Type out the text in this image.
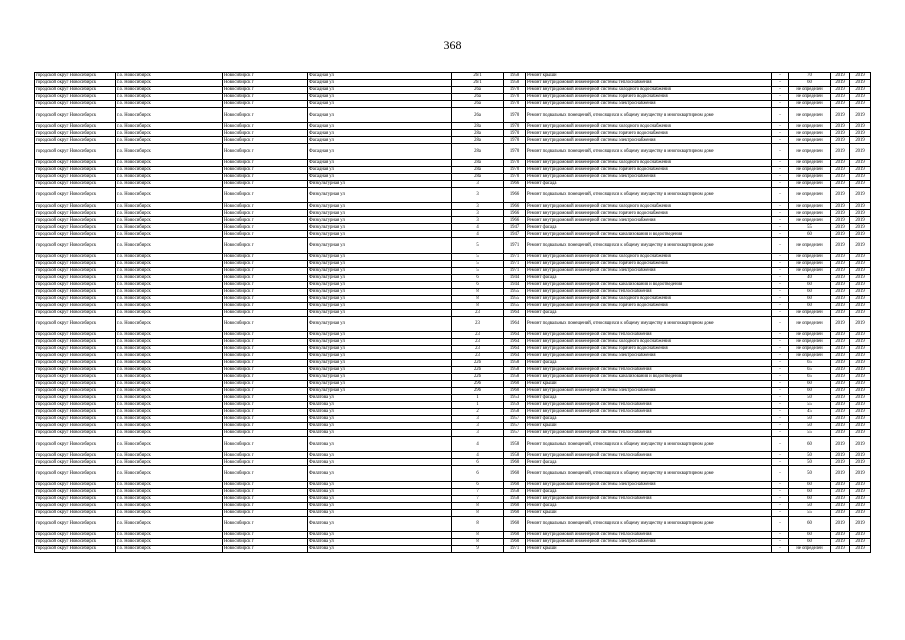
368
городской округ Новосибирск	г.о. Новосибирск	Новосибирск г	Фасадная ул	26/1	1958	Ремонт крыши	-	70	2019	2019
городской округ Новосибирск	г.о. Новосибирск	Новосибирск г	Фасадная ул	26/1	1958	Ремонт внутридомовой инженерной системы теплоснабжения	-	60	2019	2019
городской округ Новосибирск	г.о. Новосибирск	Новосибирск г	Фасадная ул	26а	1970	Ремонт внутридомовой инженерной системы холодного водоснабжения	-	не определен	2019	2019
городской округ Новосибирск	г.о. Новосибирск	Новосибирск г	Фасадная ул	26а	1970	Ремонт внутридомовой инженерной системы горячего водоснабжения	-	не определен	2019	2019
городской округ Новосибирск	г.о. Новосибирск	Новосибирск г	Фасадная ул	26а	1970	Ремонт внутридомовой инженерной системы электроснабжения	-	не определен	2019	2019
городской округ Новосибирск	г.о. Новосибирск	Новосибирск г	Фасадная ул	26а	1970	Ремонт подвальных помещений, относящихся к общему имуществу в многоквартирном доме	-	не определен	2019	2019
городской округ Новосибирск	г.о. Новосибирск	Новосибирск г	Фасадная ул	28а	1970	Ремонт внутридомовой инженерной системы холодного водоснабжения	-	не определен	2019	2019
городской округ Новосибирск	г.о. Новосибирск	Новосибирск г	Фасадная ул	28а	1970	Ремонт внутридомовой инженерной системы горячего водоснабжения	-	не определен	2019	2019
городской округ Новосибирск	г.о. Новосибирск	Новосибирск г	Фасадная ул	28а	1970	Ремонт внутридомовой инженерной системы электроснабжения	-	не определен	2019	2019
городской округ Новосибирск	г.о. Новосибирск	Новосибирск г	Фасадная ул	28а	1970	Ремонт подвальных помещений, относящихся к общему имуществу в многоквартирном доме	-	не определен	2019	2019
городской округ Новосибирск	г.о. Новосибирск	Новосибирск г	Фасадная ул	28а	1970	Ремонт внутридомовой инженерной системы холодного водоснабжения	-	не определен	2019	2019
городской округ Новосибирск	г.о. Новосибирск	Новосибирск г	Фасадная ул	28а	1970	Ремонт внутридомовой инженерной системы горячего водоснабжения	-	не определен	2019	2019
городской округ Новосибирск	г.о. Новосибирск	Новосибирск г	Фасадная ул	28а	1970	Ремонт внутридомовой инженерной системы электроснабжения	-	не определен	2019	2019
городской округ Новосибирск	г.о. Новосибирск	Новосибирск г	Физкультурная ул	3	1966	Ремонт фасада	-	не определен	2019	2019
городской округ Новосибирск	г.о. Новосибирск	Новосибирск г	Физкультурная ул	3	1966	Ремонт подвальных помещений, относящихся к общему имуществу в многоквартирном доме	-	не определен	2019	2019
городской округ Новосибирск	г.о. Новосибирск	Новосибирск г	Физкультурная ул	3	1966	Ремонт внутридомовой инженерной системы холодного водоснабжения	-	не определен	2019	2019
городской округ Новосибирск	г.о. Новосибирск	Новосибирск г	Физкультурная ул	3	1966	Ремонт внутридомовой инженерной системы горячего водоснабжения	-	не определен	2019	2019
городской округ Новосибирск	г.о. Новосибирск	Новосибирск г	Физкультурная ул	3	1966	Ремонт внутридомовой инженерной системы электроснабжения	-	не определен	2019	2019
городской округ Новосибирск	г.о. Новосибирск	Новосибирск г	Физкультурная ул	4	1947	Ремонт фасада	-	55	2019	2019
городской округ Новосибирск	г.о. Новосибирск	Новосибирск г	Физкультурная ул	4	1947	Ремонт внутридомовой инженерной системы канализования и водоотведения	-	60	2019	2019
городской округ Новосибирск	г.о. Новосибирск	Новосибирск г	Физкультурная ул	5	1971	Ремонт подвальных помещений, относящихся к общему имуществу в многоквартирном доме	-	не определен	2019	2019
городской округ Новосибирск	г.о. Новосибирск	Новосибирск г	Физкультурная ул	5	1971	Ремонт внутридомовой инженерной системы холодного водоснабжения	-	не определен	2019	2019
городской округ Новосибирск	г.о. Новосибирск	Новосибирск г	Физкультурная ул	5	1971	Ремонт внутридомовой инженерной системы горячего водоснабжения	-	не определен	2019	2019
городской округ Новосибирск	г.о. Новосибирск	Новосибирск г	Физкультурная ул	5	1971	Ремонт внутридомовой инженерной системы электроснабжения	-	не определен	2019	2019
городской округ Новосибирск	г.о. Новосибирск	Новосибирск г	Физкультурная ул	6	1944	Ремонт фасада	-	40	2019	2019
городской округ Новосибирск	г.о. Новосибирск	Новосибирск г	Физкультурная ул	6	1944	Ремонт внутридомовой инженерной системы канализования и водоотведения	-	60	2019	2019
городской округ Новосибирск	г.о. Новосибирск	Новосибирск г	Физкультурная ул	8	1955	Ремонт внутридомовой инженерной системы теплоснабжения	-	60	2019	2019
городской округ Новосибирск	г.о. Новосибирск	Новосибирск г	Физкультурная ул	8	1955	Ремонт внутридомовой инженерной системы холодного водоснабжения	-	60	2019	2019
городской округ Новосибирск	г.о. Новосибирск	Новосибирск г	Физкультурная ул	8	1955	Ремонт внутридомовой инженерной системы горячего водоснабжения	-	60	2019	2019
городской округ Новосибирск	г.о. Новосибирск	Новосибирск г	Физкультурная ул	23	1964	Ремонт фасада	-	не определен	2019	2019
городской округ Новосибирск	г.о. Новосибирск	Новосибирск г	Физкультурная ул	23	1964	Ремонт подвальных помещений, относящихся к общему имуществу в многоквартирном доме	-	не определен	2019	2019
городской округ Новосибирск	г.о. Новосибирск	Новосибирск г	Физкультурная ул	23	1964	Ремонт внутридомовой инженерной системы теплоснабжения	-	не определен	2019	2019
городской округ Новосибирск	г.о. Новосибирск	Новосибирск г	Физкультурная ул	23	1964	Ремонт внутридомовой инженерной системы холодного водоснабжения	-	не определен	2019	2019
городской округ Новосибирск	г.о. Новосибирск	Новосибирск г	Физкультурная ул	23	1964	Ремонт внутридомовой инженерной системы горячего водоснабжения	-	не определен	2019	2019
городской округ Новосибирск	г.о. Новосибирск	Новосибирск г	Физкультурная ул	23	1964	Ремонт внутридомовой инженерной системы электроснабжения	-	не определен	2019	2019
городской округ Новосибирск	г.о. Новосибирск	Новосибирск г	Физкультурная ул	22б	1958	Ремонт фасада	-	65	2019	2019
городской округ Новосибирск	г.о. Новосибирск	Новосибирск г	Физкультурная ул	22б	1958	Ремонт внутридомовой инженерной системы теплоснабжения	-	65	2019	2019
городской округ Новосибирск	г.о. Новосибирск	Новосибирск г	Физкультурная ул	22б	1958	Ремонт внутридомовой инженерной системы канализования и водоотведения	-	65	2019	2019
городской округ Новосибирск	г.о. Новосибирск	Новосибирск г	Физкультурная ул	29б	1960	Ремонт крыши	-	60	2019	2019
городской округ Новосибирск	г.о. Новосибирск	Новосибирск г	Физкультурная ул	29б	1960	Ремонт внутридомовой инженерной системы электроснабжения	-	60	2019	2019
городской округ Новосибирск	г.о. Новосибирск	Новосибирск г	Филатова ул	1	1953	Ремонт фасада	-	50	2019	2019
городской округ Новосибирск	г.о. Новосибирск	Новосибирск г	Филатова ул	1	1959	Ремонт внутридомовой инженерной системы теплоснабжения	-	55	2019	2019
городской округ Новосибирск	г.о. Новосибирск	Новосибирск г	Филатова ул	2	1958	Ремонт внутридомовой инженерной системы теплоснабжения	-	45	2019	2019
городской округ Новосибирск	г.о. Новосибирск	Новосибирск г	Филатова ул	3	1957	Ремонт фасада	-	50	2019	2019
городской округ Новосибирск	г.о. Новосибирск	Новосибирск г	Филатова ул	3	1957	Ремонт крыши	-	50	2019	2019
городской округ Новосибирск	г.о. Новосибирск	Новосибирск г	Филатова ул	3	1957	Ремонт внутридомовой инженерной системы теплоснабжения	-	55	2019	2019
городской округ Новосибирск	г.о. Новосибирск	Новосибирск г	Филатова ул	4	1958	Ремонт подвальных помещений, относящихся к общему имуществу в многоквартирном доме	-	60	2019	2019
городской округ Новосибирск	г.о. Новосибирск	Новосибирск г	Филатова ул	4	1958	Ремонт внутридомовой инженерной системы теплоснабжения	-	50	2019	2019
городской округ Новосибирск	г.о. Новосибирск	Новосибирск г	Филатова ул	6	1960	Ремонт фасада	-	50	2019	2019
городской округ Новосибирск	г.о. Новосибирск	Новосибирск г	Филатова ул	6	1960	Ремонт подвальных помещений, относящихся к общему имуществу в многоквартирном доме	-	50	2019	2019
городской округ Новосибирск	г.о. Новосибирск	Новосибирск г	Филатова ул	6	1960	Ремонт внутридомовой инженерной системы электроснабжения	-	60	2019	2019
городской округ Новосибирск	г.о. Новосибирск	Новосибирск г	Филатова ул	7	1958	Ремонт фасада	-	60	2019	2019
городской округ Новосибирск	г.о. Новосибирск	Новосибирск г	Филатова ул	7	1958	Ремонт внутридомовой инженерной системы теплоснабжения	-	60	2019	2019
городской округ Новосибирск	г.о. Новосибирск	Новосибирск г	Филатова ул	8	1960	Ремонт фасада	-	50	2019	2019
городской округ Новосибирск	г.о. Новосибирск	Новосибирск г	Филатова ул	8	1960	Ремонт крыши	-	55	2019	2019
городской округ Новосибирск	г.о. Новосибирск	Новосибирск г	Филатова ул	8	1960	Ремонт подвальных помещений, относящихся к общему имуществу в многоквартирном доме	-	60	2019	2019
городской округ Новосибирск	г.о. Новосибирск	Новосибирск г	Филатова ул	8	1960	Ремонт внутридомовой инженерной системы теплоснабжения	-	60	2019	2019
городской округ Новосибирск	г.о. Новосибирск	Новосибирск г	Филатова ул	8	1960	Ремонт внутридомовой инженерной системы электроснабжения	-	60	2019	2019
городской округ Новосибирск	г.о. Новосибирск	Новосибирск г	Филатова ул	9	1971	Ремонт крыши	-	не определен	2019	2019
